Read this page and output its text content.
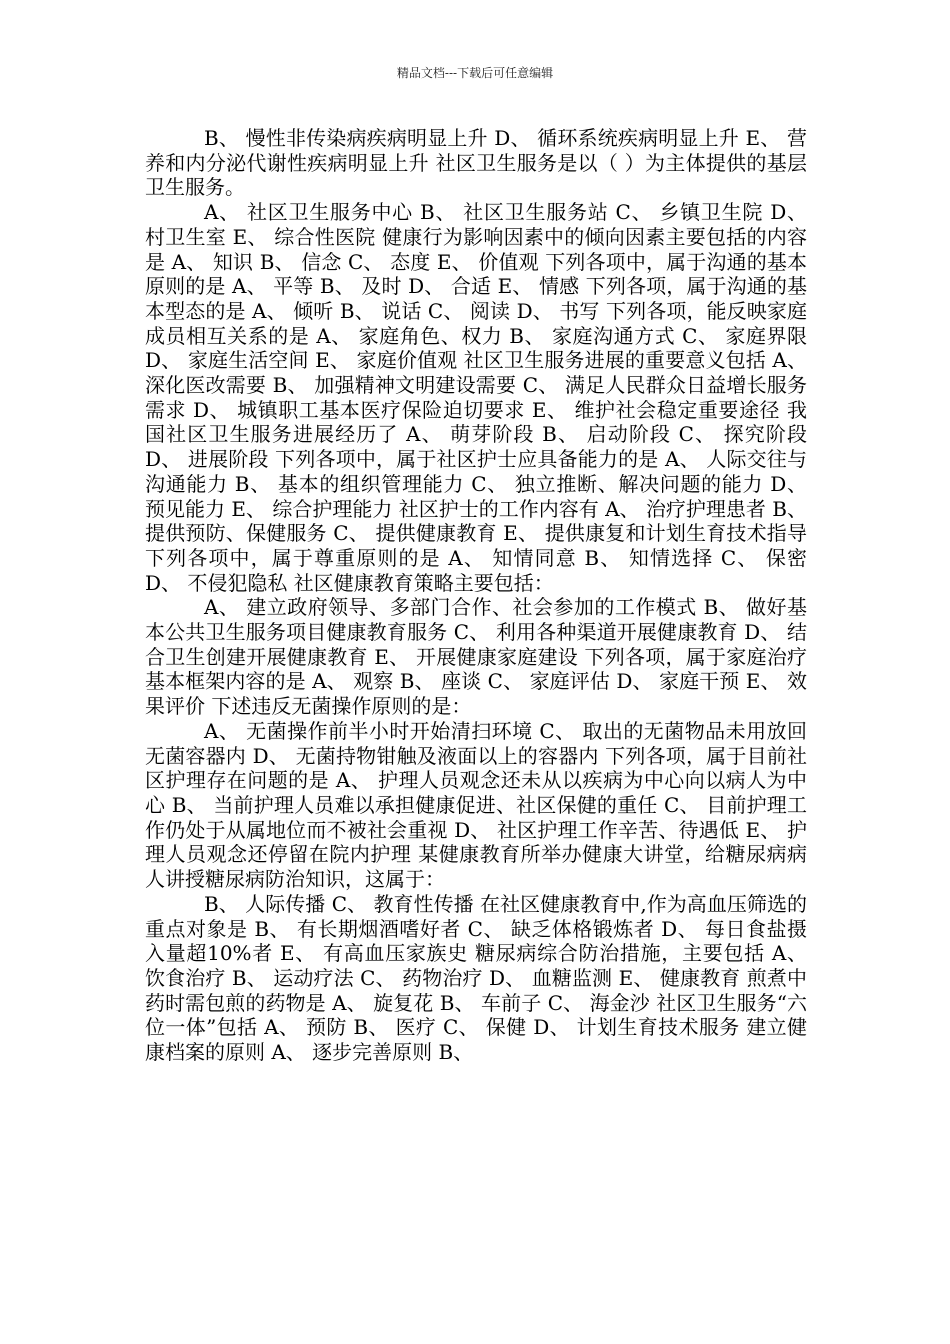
精品文档---下载后可任意编辑

B、 慢性非传染病疾病明显上升 D、 循环系统疾病明显上升 E、 营养和内分泌代谢性疾病明显上升 社区卫生服务是以（ ）为主体提供的基层卫生服务。

A、 社区卫生服务中心 B、 社区卫生服务站 C、 乡镇卫生院 D、 村卫生室 E、 综合性医院 健康行为影响因素中的倾向因素主要包括的内容是 A、 知识 B、 信念 C、 态度 E、 价值观 下列各项中，属于沟通的基本原则的是 A、 平等 B、 及时 D、 合适 E、 情感 下列各项，属于沟通的基本型态的是 A、 倾听 B、 说话 C、 阅读 D、 书写 下列各项，能反映家庭成员相互关系的是 A、 家庭角色、权力 B、 家庭沟通方式 C、 家庭界限 D、 家庭生活空间 E、 家庭价值观 社区卫生服务进展的重要意义包括 A、 深化医改需要 B、 加强精神文明建设需要 C、 满足人民群众日益增长服务需求 D、 城镇职工基本医疗保险迫切要求 E、 维护社会稳定重要途径 我国社区卫生服务进展经历了 A、 萌芽阶段 B、 启动阶段 C、 探究阶段 D、 进展阶段 下列各项中，属于社区护士应具备能力的是 A、 人际交往与沟通能力 B、 基本的组织管理能力 C、 独立推断、解决问题的能力 D、 预见能力 E、 综合护理能力 社区护士的工作内容有 A、 治疗护理患者 B、 提供预防、保健服务 C、 提供健康教育 E、 提供康复和计划生育技术指导 下列各项中，属于尊重原则的是 A、 知情同意 B、 知情选择 C、 保密 D、 不侵犯隐私 社区健康教育策略主要包括：

A、 建立政府领导、多部门合作、社会参加的工作模式 B、 做好基本公共卫生服务项目健康教育服务 C、 利用各种渠道开展健康教育 D、 结合卫生创建开展健康教育 E、 开展健康家庭建设 下列各项，属于家庭治疗基本框架内容的是 A、 观察 B、 座谈 C、 家庭评估 D、 家庭干预 E、 效果评价 下述违反无菌操作原则的是：

A、 无菌操作前半小时开始清扫环境 C、 取出的无菌物品未用放回无菌容器内 D、 无菌持物钳触及液面以上的容器内 下列各项，属于目前社区护理存在问题的是 A、 护理人员观念还未从以疾病为中心向以病人为中心 B、 当前护理人员难以承担健康促进、社区保健的重任 C、 目前护理工作仍处于从属地位而不被社会重视 D、 社区护理工作辛苦、待遇低 E、 护理人员观念还停留在院内护理 某健康教育所举办健康大讲堂，给糖尿病病人讲授糖尿病防治知识，这属于：

B、 人际传播 C、 教育性传播 在社区健康教育中,作为高血压筛选的重点对象是 B、 有长期烟酒嗜好者 C、 缺乏体格锻炼者 D、 每日食盐摄入量超10%者 E、 有高血压家族史 糖尿病综合防治措施，主要包括 A、 饮食治疗 B、 运动疗法 C、 药物治疗 D、 血糖监测 E、 健康教育 煎煮中药时需包煎的药物是 A、 旋复花 B、 车前子 C、 海金沙 社区卫生服务“六位一体”包括 A、 预防 B、 医疗 C、 保健 D、 计划生育技术服务 建立健康档案的原则 A、 逐步完善原则 B、
